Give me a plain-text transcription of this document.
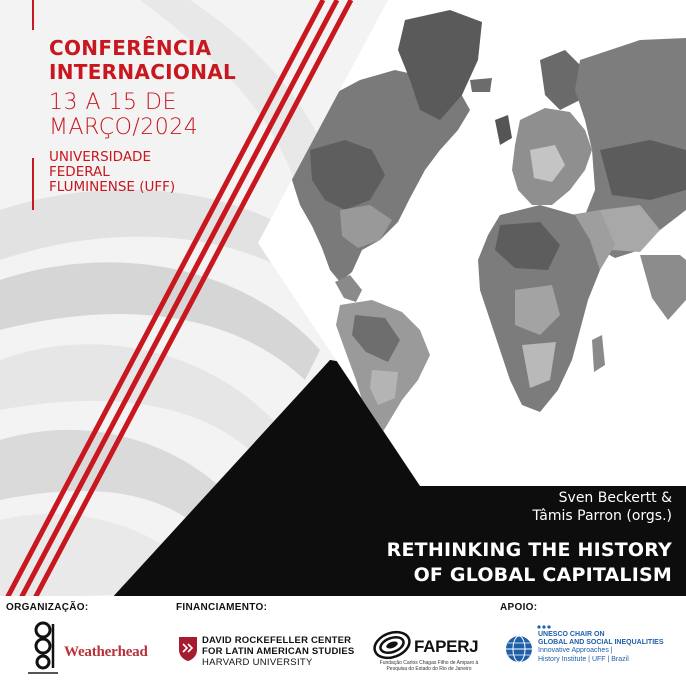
CONFERÊNCIA
INTERNACIONAL
13 A 15 DE
MARÇO/2024
UNIVERSIDADE
FEDERAL
FLUMINENSE (UFF)
Sven Beckertt &
Tâmis Parron (orgs.)
RETHINKING THE HISTORY
OF GLOBAL CAPITALISM
ORGANIZAÇÃO:	FINANCIAMENTO:	APOIO:
Weatherhead
DAVID ROCKEFELLER CENTER
FOR LATIN AMERICAN STUDIES
HARVARD UNIVERSITY
FAPERJ
Fundação Carlos Chagas Filho de Amparo à Pesquisa do Estado do Rio de Janeiro
UNESCO CHAIR ON
GLOBAL AND SOCIAL INEQUALITIES
Innovative Approaches |
History Institute | UFF | Brazil
